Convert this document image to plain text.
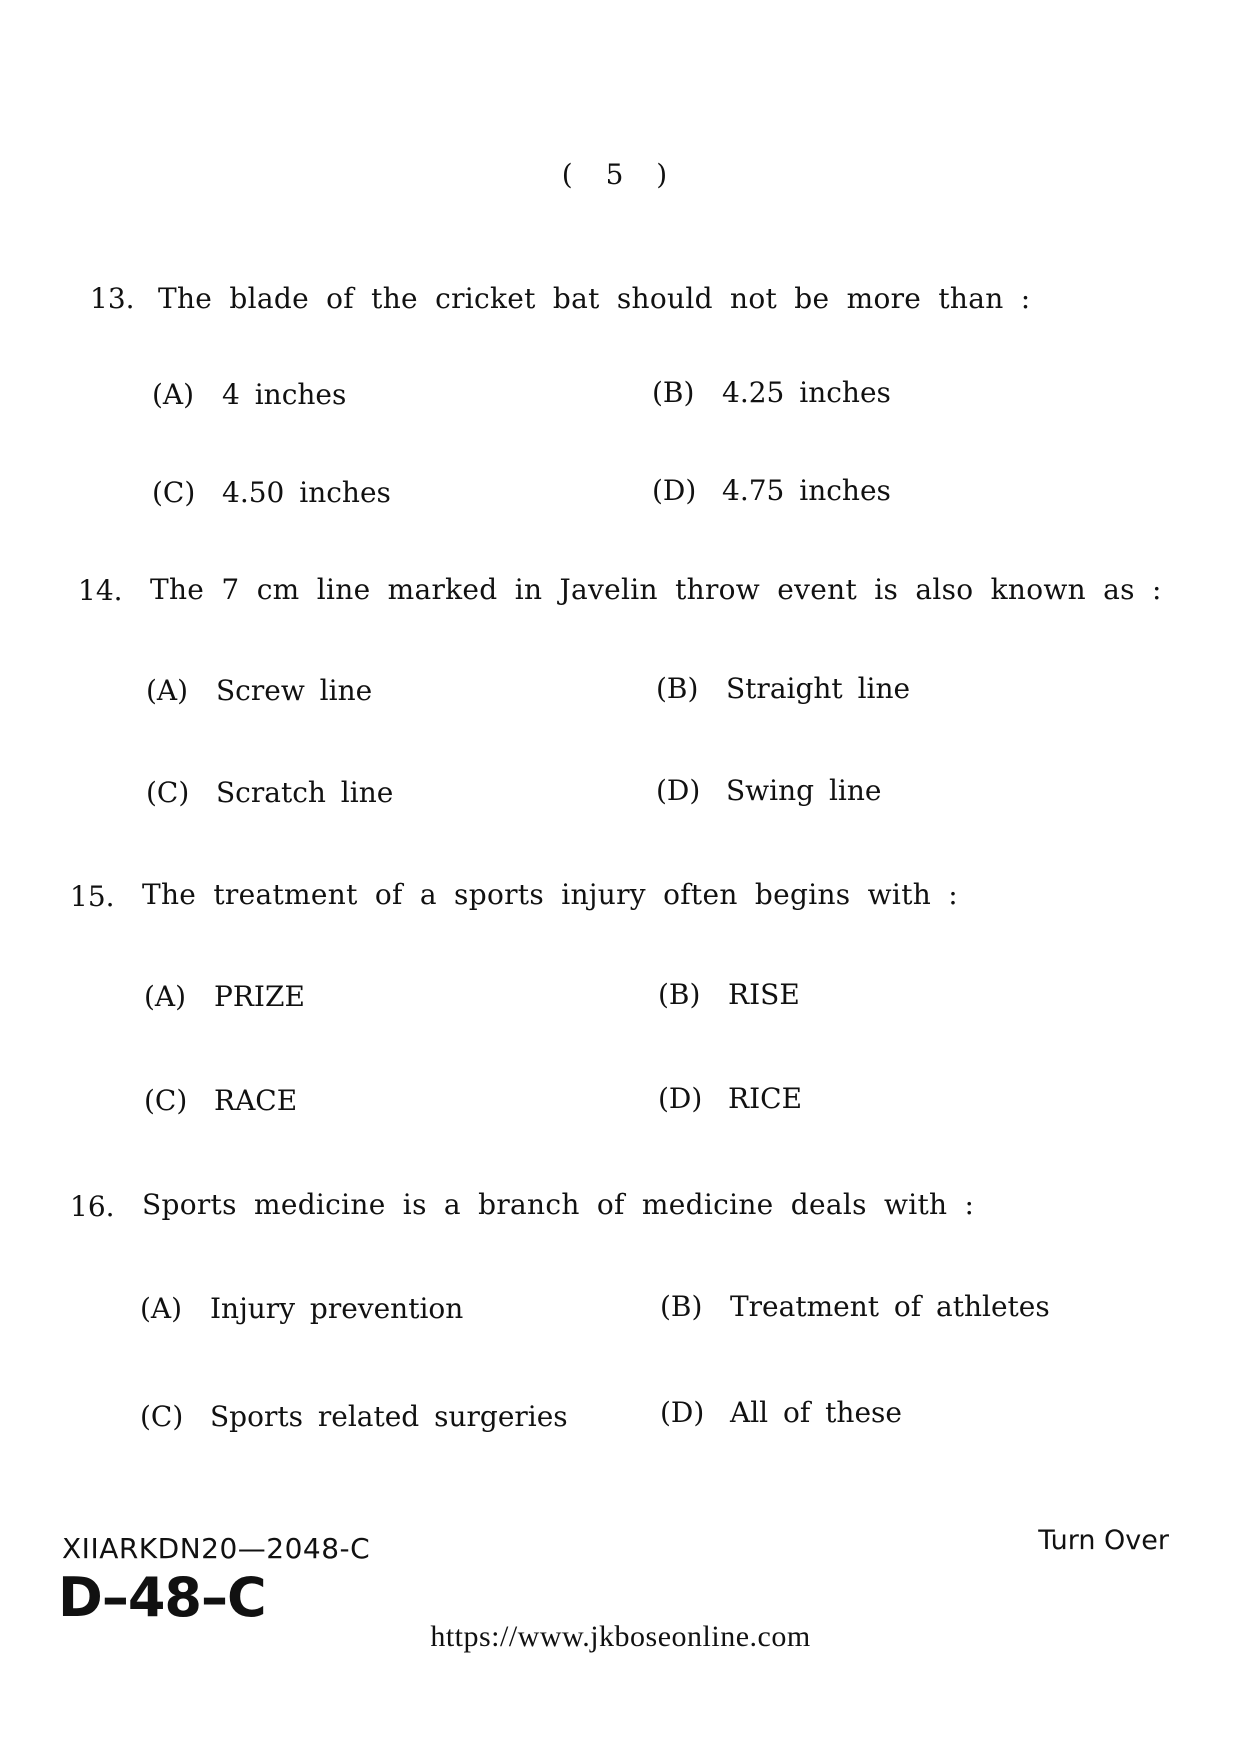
( 5 )
13. The blade of the cricket bat should not be more than :
(A) 4 inches	(B) 4.25 inches
(C) 4.50 inches	(D) 4.75 inches
14. The 7 cm line marked in Javelin throw event is also known as :
(A) Screw line	(B) Straight line
(C) Scratch line	(D) Swing line
15. The treatment of a sports injury often begins with :
(A) PRIZE	(B) RISE
(C) RACE	(D) RICE
16. Sports medicine is a branch of medicine deals with :
(A) Injury prevention	(B) Treatment of athletes
(C) Sports related surgeries	(D) All of these
XIIARKDN20—2048-C
D–48–C
Turn Over
https://www.jkboseonline.com
